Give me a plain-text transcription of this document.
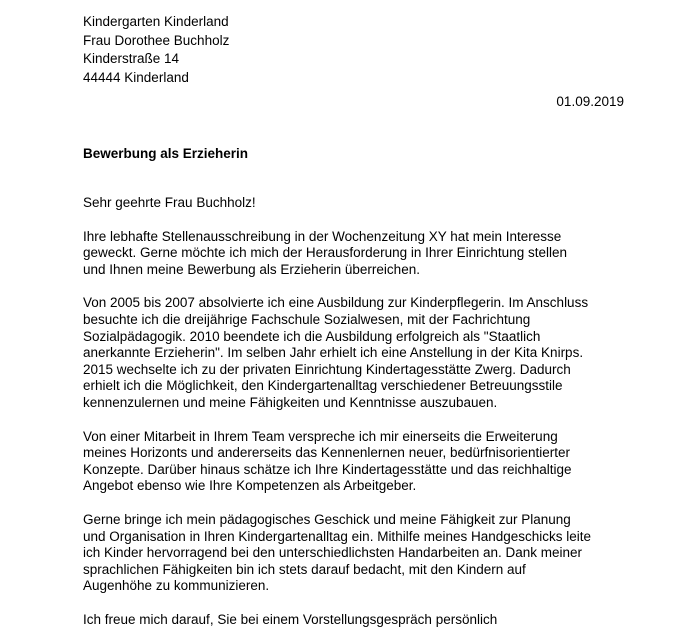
Kindergarten Kinderland
Frau Dorothee Buchholz
Kinderstraße 14
44444 Kinderland
01.09.2019
Bewerbung als Erzieherin
Sehr geehrte Frau Buchholz!
Ihre lebhafte Stellenausschreibung in der Wochenzeitung XY hat mein Interesse
geweckt. Gerne möchte ich mich der Herausforderung in Ihrer Einrichtung stellen
und Ihnen meine Bewerbung als Erzieherin überreichen.
Von 2005 bis 2007 absolvierte ich eine Ausbildung zur Kinderpflegerin. Im Anschluss
besuchte ich die dreijährige Fachschule Sozialwesen, mit der Fachrichtung
Sozialpädagogik. 2010 beendete ich die Ausbildung erfolgreich als "Staatlich
anerkannte Erzieherin". Im selben Jahr erhielt ich eine Anstellung in der Kita Knirps.
2015 wechselte ich zu der privaten Einrichtung Kindertagesstätte Zwerg. Dadurch
erhielt ich die Möglichkeit, den Kindergartenalltag verschiedener Betreuungsstile
kennenzulernen und meine Fähigkeiten und Kenntnisse auszubauen.
Von einer Mitarbeit in Ihrem Team verspreche ich mir einerseits die Erweiterung
meines Horizonts und andererseits das Kennenlernen neuer, bedürfnisorientierter
Konzepte. Darüber hinaus schätze ich Ihre Kindertagesstätte und das reichhaltige
Angebot ebenso wie Ihre Kompetenzen als Arbeitgeber.
Gerne bringe ich mein pädagogisches Geschick und meine Fähigkeit zur Planung
und Organisation in Ihren Kindergartenalltag ein. Mithilfe meines Handgeschicks leite
ich Kinder hervorragend bei den unterschiedlichsten Handarbeiten an. Dank meiner
sprachlichen Fähigkeiten bin ich stets darauf bedacht, mit den Kindern auf
Augenhöhe zu kommunizieren.
Ich freue mich darauf, Sie bei einem Vorstellungsgespräch persönlich
